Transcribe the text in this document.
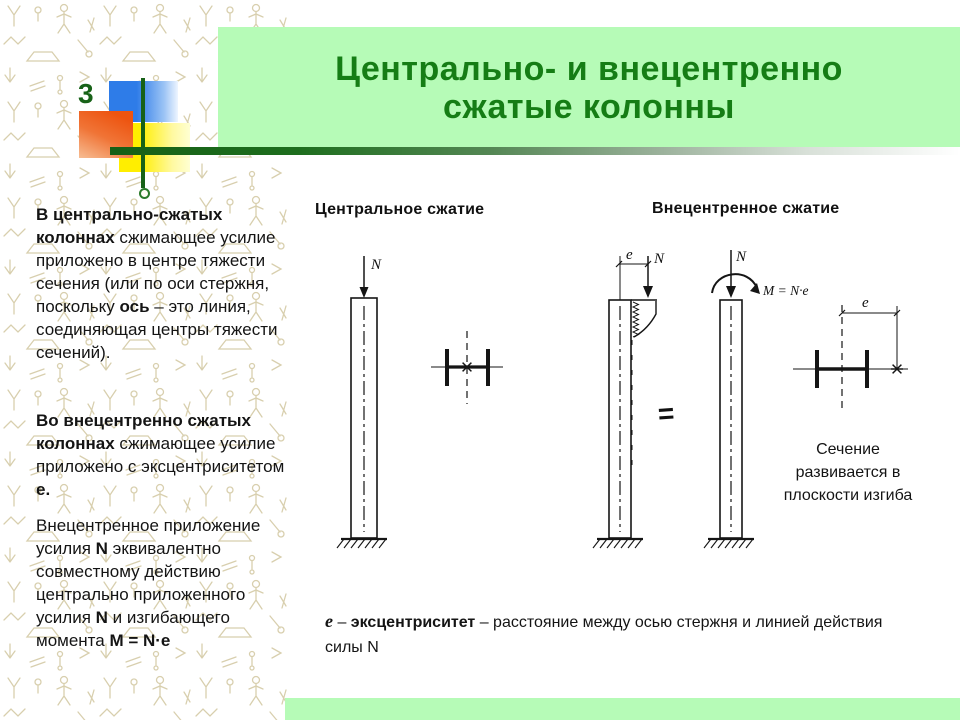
3
Центрально- и внецентренно
сжатые колонны

В центрально-сжатых колоннах сжимающее усилие приложено в центре тяжести сечения (или по оси стержня, поскольку ось – это линия, соединяющая центры тяжести сечений).

Во внецентренно сжатых колоннах сжимающее усилие приложено с эксцентриситетом е.

Внецентренное приложение усилия N эквивалентно совместному действию центрально приложенного усилия N и изгибающего момента М = N·e

Центральное сжатие	Внецентренное сжатие
N
e N
=
N
M = N·e
e
Сечение развивается в плоскости изгиба
e – эксцентриситет – расстояние между осью стержня и линией действия силы N
